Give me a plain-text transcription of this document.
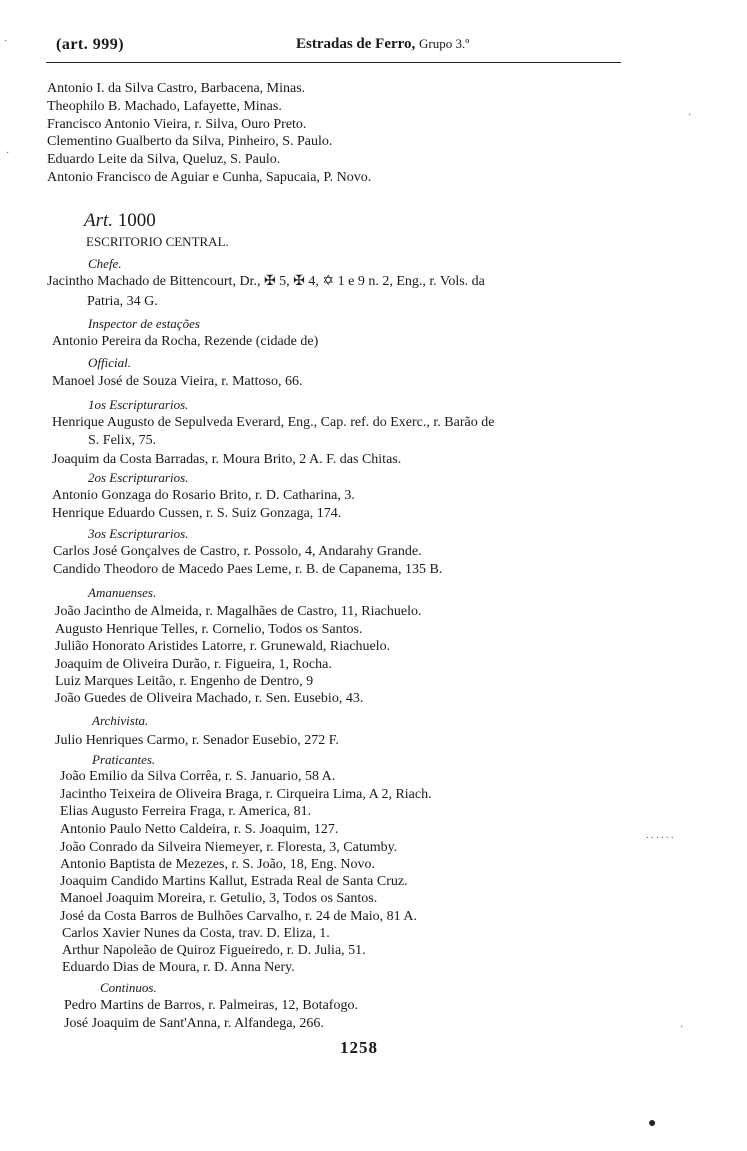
(art. 999)	Estradas de Ferro, Grupo 3.º
Antonio I. da Silva Castro, Barbacena, Minas.
Theophilo B. Machado, Lafayette, Minas.
Francisco Antonio Vieira, r. Silva, Ouro Preto.
Clementino Gualberto da Silva, Pinheiro, S. Paulo.
Eduardo Leite da Silva, Queluz, S. Paulo.
Antonio Francisco de Aguiar e Cunha, Sapucaia, P. Novo.
Art. 1000
ESCRITORIO CENTRAL.
Chefe.
Jacintho Machado de Bittencourt, Dr., ✠ 5, ✠ 4, ✡ 1 e 9 n. 2, Eng., r. Vols. da
Patria, 34 G.
Inspector de estações
Antonio Pereira da Rocha, Rezende (cidade de)
Official.
Manoel José de Souza Vieira, r. Mattoso, 66.
1os Escripturarios.
Henrique Augusto de Sepulveda Everard, Eng., Cap. ref. do Exerc., r. Barão de
S. Felix, 75.
Joaquim da Costa Barradas, r. Moura Brito, 2 A. F. das Chitas.
2os Escripturarios.
Antonio Gonzaga do Rosario Brito, r. D. Catharina, 3.
Henrique Eduardo Cussen, r. S. Suiz Gonzaga, 174.
3os Escripturarios.
Carlos José Gonçalves de Castro, r. Possolo, 4, Andarahy Grande.
Candido Theodoro de Macedo Paes Leme, r. B. de Capanema, 135 B.
Amanuenses.
João Jacintho de Almeida, r. Magalhães de Castro, 11, Riachuelo.
Augusto Henrique Telles, r. Cornelio, Todos os Santos.
Julião Honorato Aristides Latorre, r. Grunewald, Riachuelo.
Joaquim de Oliveira Durão, r. Figueira, 1, Rocha.
Luiz Marques Leitão, r. Engenho de Dentro, 9
João Guedes de Oliveira Machado, r. Sen. Eusebio, 43.
Archivista.
Julio Henriques Carmo, r. Senador Eusebio, 272 F.
Praticantes.
João Emilio da Silva Corrêa, r. S. Januario, 58 A.
Jacintho Teixeira de Oliveira Braga, r. Cirqueira Lima, A 2, Riach.
Elias Augusto Ferreira Fraga, r. America, 81.
Antonio Paulo Netto Caldeira, r. S. Joaquim, 127.
João Conrado da Silveira Niemeyer, r. Floresta, 3, Catumby.
Antonio Baptista de Mezezes, r. S. João, 18, Eng. Novo.
Joaquim Candido Martins Kallut, Estrada Real de Santa Cruz.
Manoel Joaquim Moreira, r. Getulio, 3, Todos os Santos.
José da Costa Barros de Bulhões Carvalho, r. 24 de Maio, 81 A.
Carlos Xavier Nunes da Costa, trav. D. Eliza, 1.
Arthur Napoleão de Quiroz Figueiredo, r. D. Julia, 51.
Eduardo Dias de Moura, r. D. Anna Nery.
Continuos.
Pedro Martins de Barros, r. Palmeiras, 12, Botafogo.
José Joaquim de Sant'Anna, r. Alfandega, 266.
1258
·
·
·
. . . . . .
·
●
